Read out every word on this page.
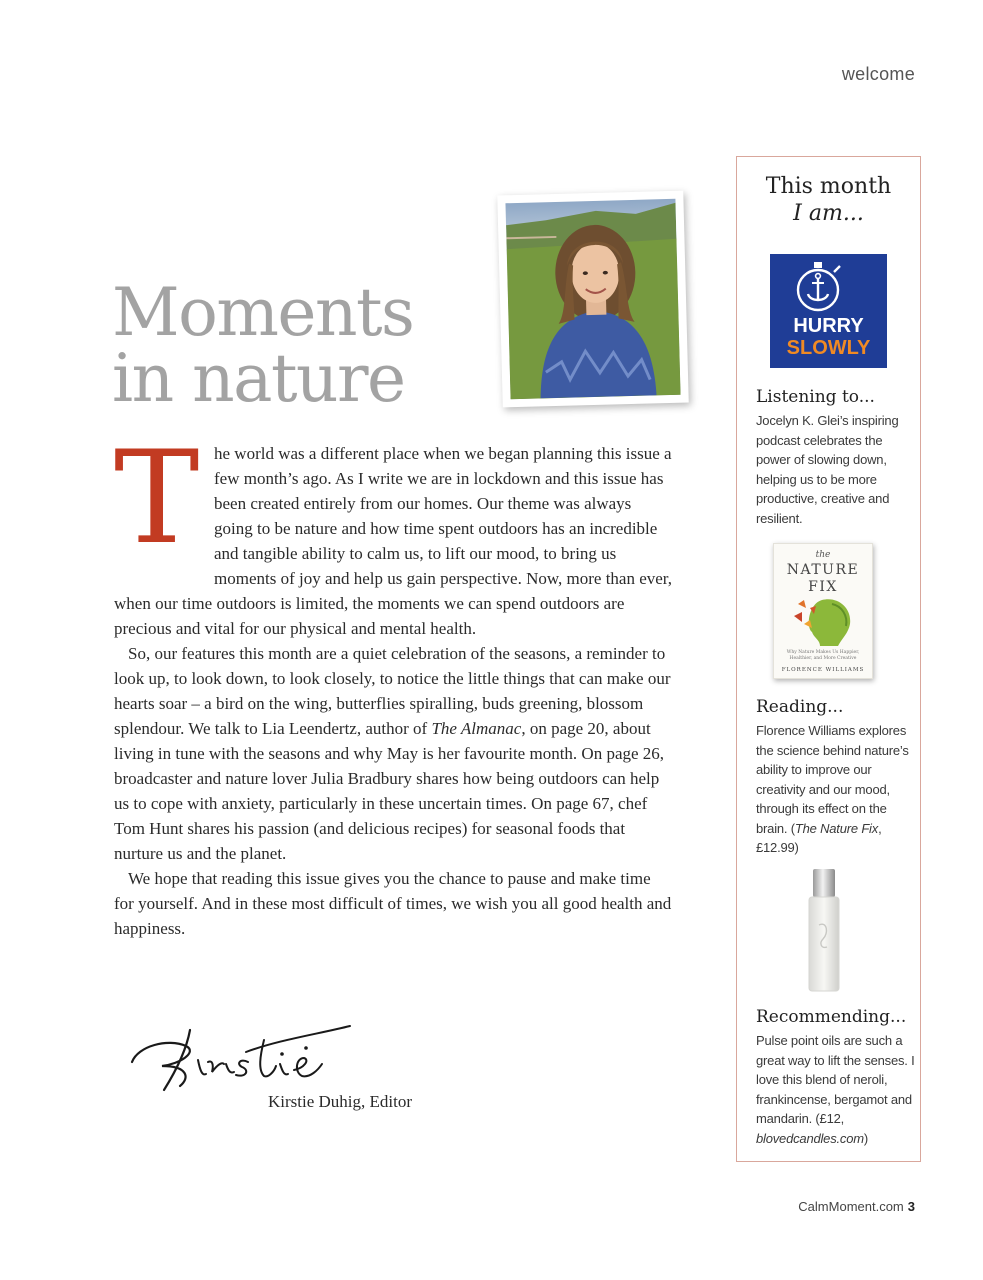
welcome
Moments
in nature
T he world was a different place when we began planning this issue a few month’s ago. As I write we are in lockdown and this issue has been created entirely from our homes. Our theme was always going to be nature and how time spent outdoors has an incredible and tangible ability to calm us, to lift our mood, to bring us moments of joy and help us gain perspective. Now, more than ever, when our time outdoors is limited, the moments we can spend outdoors are precious and vital for our physical and mental health.

So, our features this month are a quiet celebration of the seasons, a reminder to look up, to look down, to look closely, to notice the little things that can make our hearts soar – a bird on the wing, butterflies spiralling, buds greening, blossom splendour. We talk to Lia Leendertz, author of The Almanac, on page 20, about living in tune with the seasons and why May is her favourite month. On page 26, broadcaster and nature lover Julia Bradbury shares how being outdoors can help us to cope with anxiety, particularly in these uncertain times. On page 67, chef Tom Hunt shares his passion (and delicious recipes) for seasonal foods that nurture us and the planet.

We hope that reading this issue gives you the chance to pause and make time for yourself. And in these most difficult of times, we wish you all good health and happiness.

Kirstie Duhig, Editor
This month
I am...
HURRY
SLOWLY
Listening to...
Jocelyn K. Glei’s inspiring podcast celebrates the power of slowing down, helping us to be more productive, creative and resilient.
the
NATURE
FIX
Why Nature Makes Us Happier, Healthier, and More Creative
FLORENCE WILLIAMS
Reading...
Florence Williams explores the science behind nature’s ability to improve our creativity and our mood, through its effect on the brain. (The Nature Fix, £12.99)
Recommending...
Pulse point oils are such a great way to lift the senses. I love this blend of neroli, frankincense, bergamot and mandarin. (£12, blovedcandles.com)
CalmMoment.com 3
